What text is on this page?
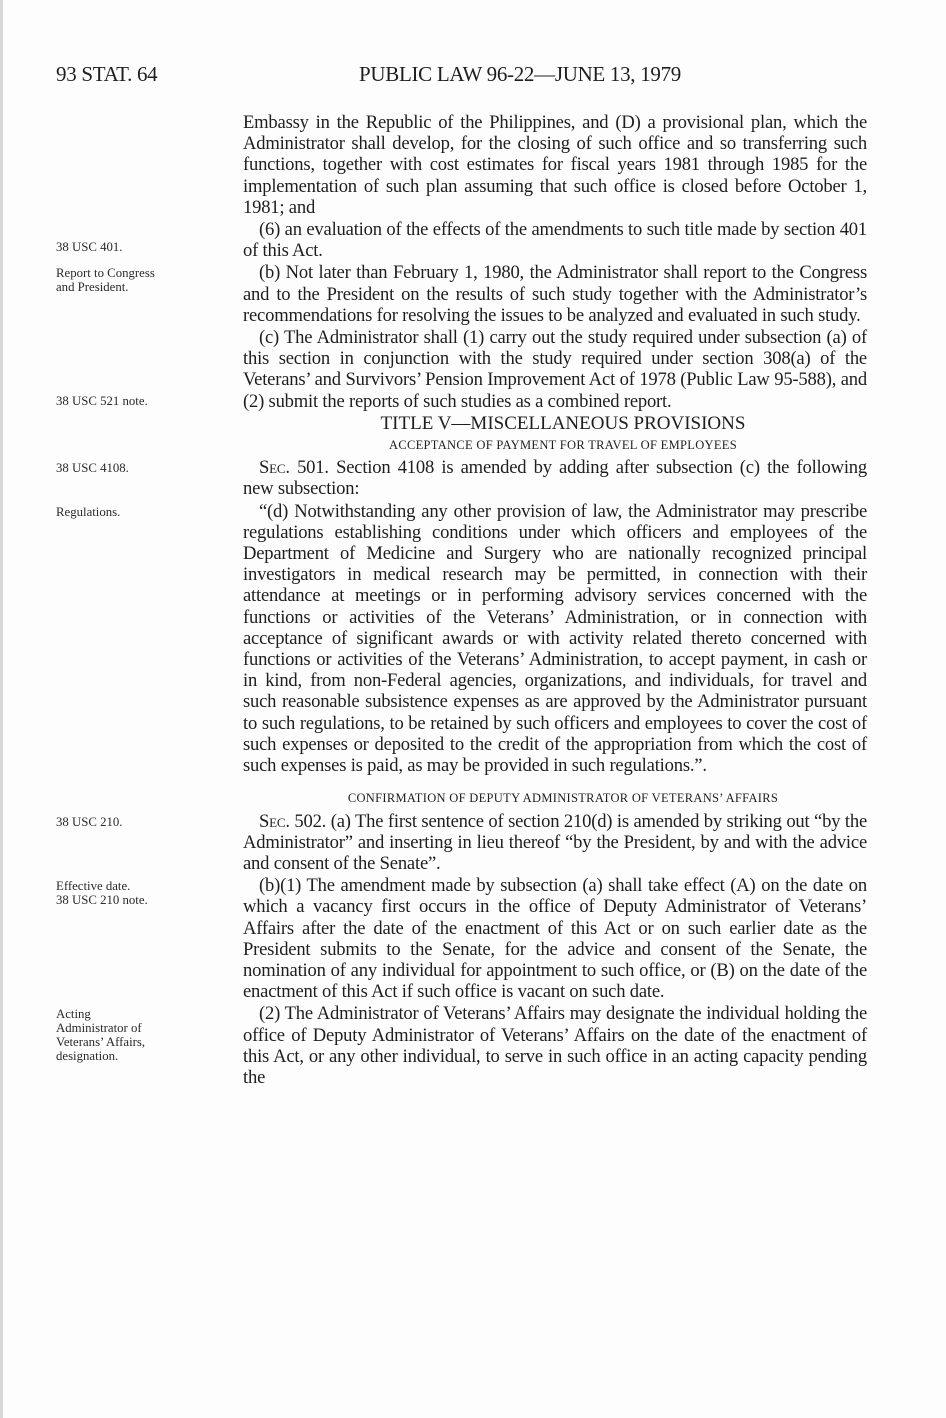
93 STAT. 64	PUBLIC LAW 96-22—JUNE 13, 1979

Embassy in the Republic of the Philippines, and (D) a provisional plan, which the Administrator shall develop, for the closing of such office and so transferring such functions, together with cost estimates for fiscal years 1981 through 1985 for the implementation of such plan assuming that such office is closed before October 1, 1981; and

38 USC 401.
(6) an evaluation of the effects of the amendments to such title made by section 401 of this Act.

Report to Congress and President.
(b) Not later than February 1, 1980, the Administrator shall report to the Congress and to the President on the results of such study together with the Administrator’s recommendations for resolving the issues to be analyzed and evaluated in such study.

38 USC 521 note.
(c) The Administrator shall (1) carry out the study required under subsection (a) of this section in conjunction with the study required under section 308(a) of the Veterans’ and Survivors’ Pension Improvement Act of 1978 (Public Law 95-588), and (2) submit the reports of such studies as a combined report.

TITLE V—MISCELLANEOUS PROVISIONS

ACCEPTANCE OF PAYMENT FOR TRAVEL OF EMPLOYEES

38 USC 4108.	Sec. 501. Section 4108 is amended by adding after subsection (c) the following new subsection:

Regulations.	“(d) Notwithstanding any other provision of law, the Administrator may prescribe regulations establishing conditions under which officers and employees of the Department of Medicine and Surgery who are nationally recognized principal investigators in medical research may be permitted, in connection with their attendance at meetings or in performing advisory services concerned with the functions or activities of the Veterans’ Administration, or in connection with acceptance of significant awards or with activity related thereto concerned with functions or activities of the Veterans’ Administration, to accept payment, in cash or in kind, from non-Federal agencies, organizations, and individuals, for travel and such reasonable subsistence expenses as are approved by the Administrator pursuant to such regulations, to be retained by such officers and employees to cover the cost of such expenses or deposited to the credit of the appropriation from which the cost of such expenses is paid, as may be provided in such regulations.”.

CONFIRMATION OF DEPUTY ADMINISTRATOR OF VETERANS’ AFFAIRS

38 USC 210.	Sec. 502. (a) The first sentence of section 210(d) is amended by striking out “by the Administrator” and inserting in lieu thereof “by the President, by and with the advice and consent of the Senate”.

Effective date.
38 USC 210 note.
(b)(1) The amendment made by subsection (a) shall take effect (A) on the date on which a vacancy first occurs in the office of Deputy Administrator of Veterans’ Affairs after the date of the enactment of this Act or on such earlier date as the President submits to the Senate, for the advice and consent of the Senate, the nomination of any individual for appointment to such office, or (B) on the date of the enactment of this Act if such office is vacant on such date.

Acting Administrator of Veterans’ Affairs, designation.
(2) The Administrator of Veterans’ Affairs may designate the individual holding the office of Deputy Administrator of Veterans’ Affairs on the date of the enactment of this Act, or any other individual, to serve in such office in an acting capacity pending the
